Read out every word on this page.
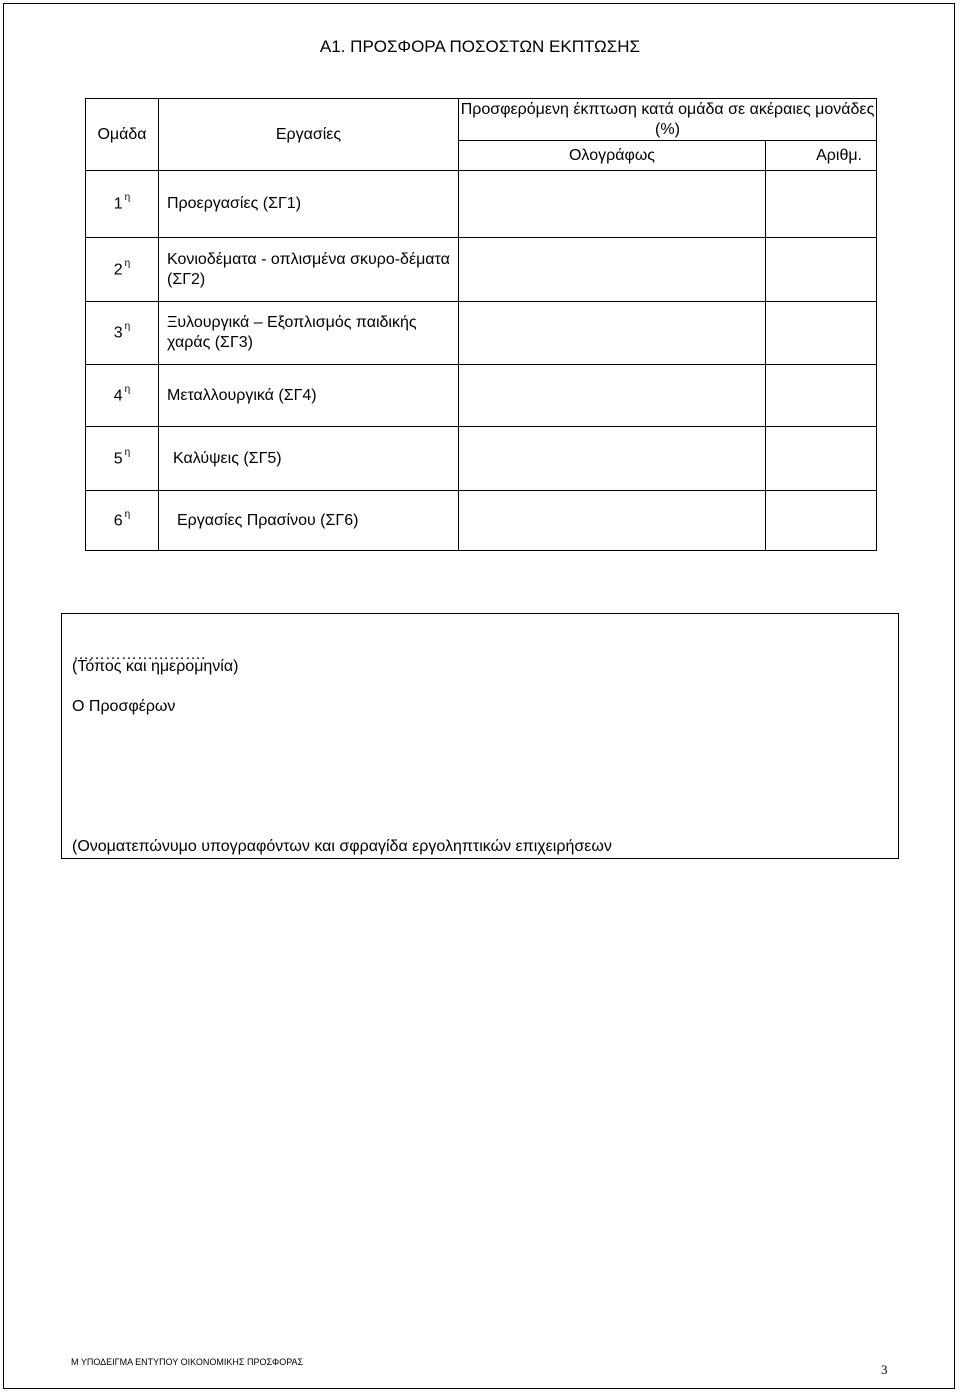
Α1. ΠΡΟΣΦΟΡΑ ΠΟΣΟΣΤΩΝ ΕΚΠΤΩΣΗΣ
Ομάδα	Εργασίες	Προσφερόμενη έκπτωση κατά ομάδα σε ακέραιες μονάδες (%)	
		Ολογράφως	Αριθμ.
1 $^\eta$	Προεργασίες (ΣΓ1)		
2 $^\eta$	Κονιοδέματα - οπλισμένα σκυρο-δέματα (ΣΓ2)		
3 $^\eta$	Ξυλουργικά – Εξοπλισμός παιδικής χαράς (ΣΓ3)		
4 $^\eta$	Μεταλλουργικά (ΣΓ4)		
5 $^\eta$	Καλύψεις (ΣΓ5)		
6 $^\eta$	Εργασίες Πρασίνου (ΣΓ6)		
…………………….
(Τόπος και ημερομηνία)
Ο Προσφέρων
(Ονοματεπώνυμο υπογραφόντων και σφραγίδα εργοληπτικών επιχειρήσεων
Μ ΥΠΟΔΕΙΓΜΑ ΕΝΤΥΠΟΥ ΟΙΚΟΝΟΜΙΚΗΣ ΠΡΟΣΦΟΡΑΣ	3
